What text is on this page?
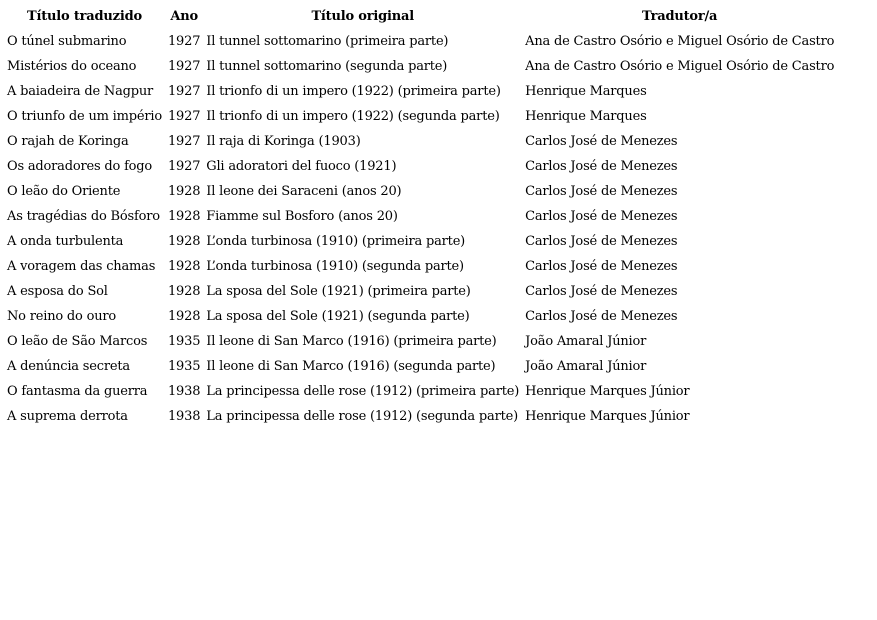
Título traduzido	Ano	Título original	Tradutor/a
O túnel submarino	1927	Il tunnel sottomarino (primeira parte)	Ana de Castro Osório e Miguel Osório de Castro
Mistérios do oceano	1927	Il tunnel sottomarino (segunda parte)	Ana de Castro Osório e Miguel Osório de Castro
A baiadeira de Nagpur	1927	Il trionfo di un impero (1922) (primeira parte)	Henrique Marques
O triunfo de um império	1927	Il trionfo di un impero (1922) (segunda parte)	Henrique Marques
O rajah de Koringa	1927	Il raja di Koringa (1903)	Carlos José de Menezes
Os adoradores do fogo	1927	Gli adoratori del fuoco (1921)	Carlos José de Menezes
O leão do Oriente	1928	Il leone dei Saraceni (anos 20)	Carlos José de Menezes
As tragédias do Bósforo	1928	Fiamme sul Bosforo (anos 20)	Carlos José de Menezes
A onda turbulenta	1928	L’onda turbinosa (1910) (primeira parte)	Carlos José de Menezes
A voragem das chamas	1928	L’onda turbinosa (1910) (segunda parte)	Carlos José de Menezes
A esposa do Sol	1928	La sposa del Sole (1921) (primeira parte)	Carlos José de Menezes
No reino do ouro	1928	La sposa del Sole (1921) (segunda parte)	Carlos José de Menezes
O leão de São Marcos	1935	Il leone di San Marco (1916) (primeira parte)	João Amaral Júnior
A denúncia secreta	1935	Il leone di San Marco (1916) (segunda parte)	João Amaral Júnior
O fantasma da guerra	1938	La principessa delle rose (1912) (primeira parte)	Henrique Marques Júnior
A suprema derrota	1938	La principessa delle rose (1912) (segunda parte)	Henrique Marques Júnior
